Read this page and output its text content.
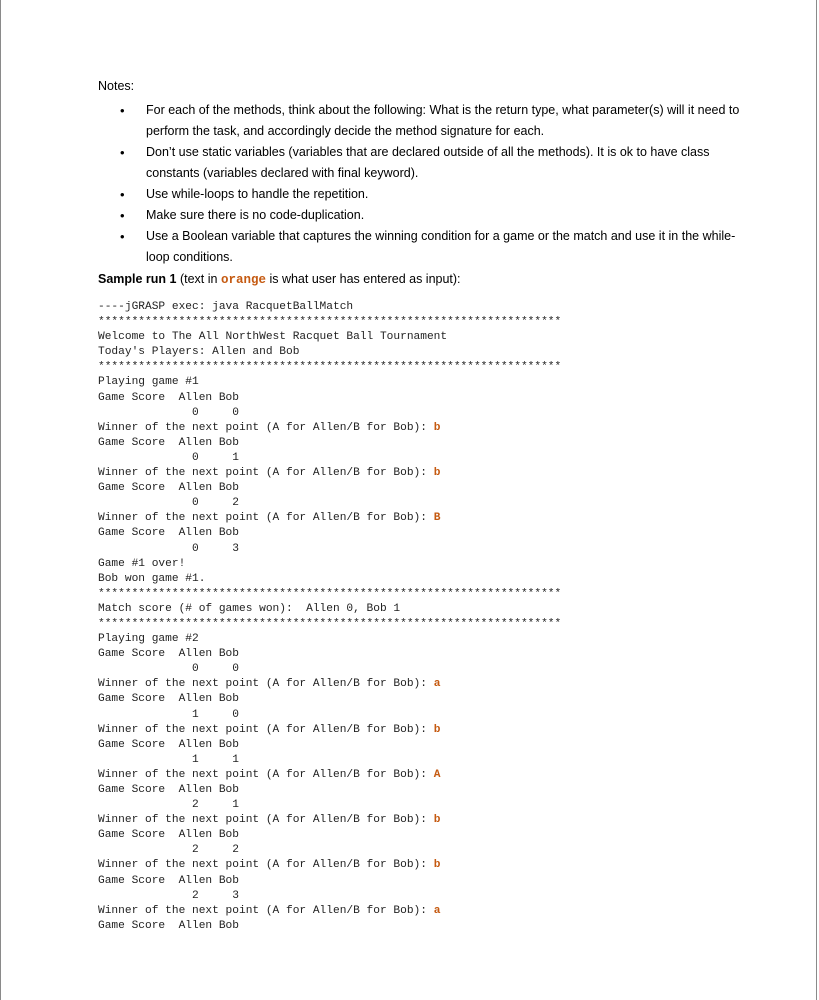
Notes:
• For each of the methods, think about the following: What is the return type, what parameter(s) will it need to perform the task, and accordingly decide the method signature for each.
• Don’t use static variables (variables that are declared outside of all the methods). It is ok to have class constants (variables declared with final keyword).
• Use while-loops to handle the repetition.
• Make sure there is no code-duplication.
• Use a Boolean variable that captures the winning condition for a game or the match and use it in the while-loop conditions.
Sample run 1 (text in orange is what user has entered as input):
----jGRASP exec: java RacquetBallMatch
*********************************************************************
Welcome to The All NorthWest Racquet Ball Tournament
Today's Players: Allen and Bob
*********************************************************************
Playing game #1
Game Score  Allen Bob
0     0
Winner of the next point (A for Allen/B for Bob): b
Game Score  Allen Bob
0     1
Winner of the next point (A for Allen/B for Bob): b
Game Score  Allen Bob
0     2
Winner of the next point (A for Allen/B for Bob): B
Game Score  Allen Bob
0     3
Game #1 over!
Bob won game #1.
*********************************************************************
Match score (# of games won):  Allen 0, Bob 1
*********************************************************************
Playing game #2
Game Score  Allen Bob
0     0
Winner of the next point (A for Allen/B for Bob): a
Game Score  Allen Bob
1     0
Winner of the next point (A for Allen/B for Bob): b
Game Score  Allen Bob
1     1
Winner of the next point (A for Allen/B for Bob): A
Game Score  Allen Bob
2     1
Winner of the next point (A for Allen/B for Bob): b
Game Score  Allen Bob
2     2
Winner of the next point (A for Allen/B for Bob): b
Game Score  Allen Bob
2     3
Winner of the next point (A for Allen/B for Bob): a
Game Score  Allen Bob
